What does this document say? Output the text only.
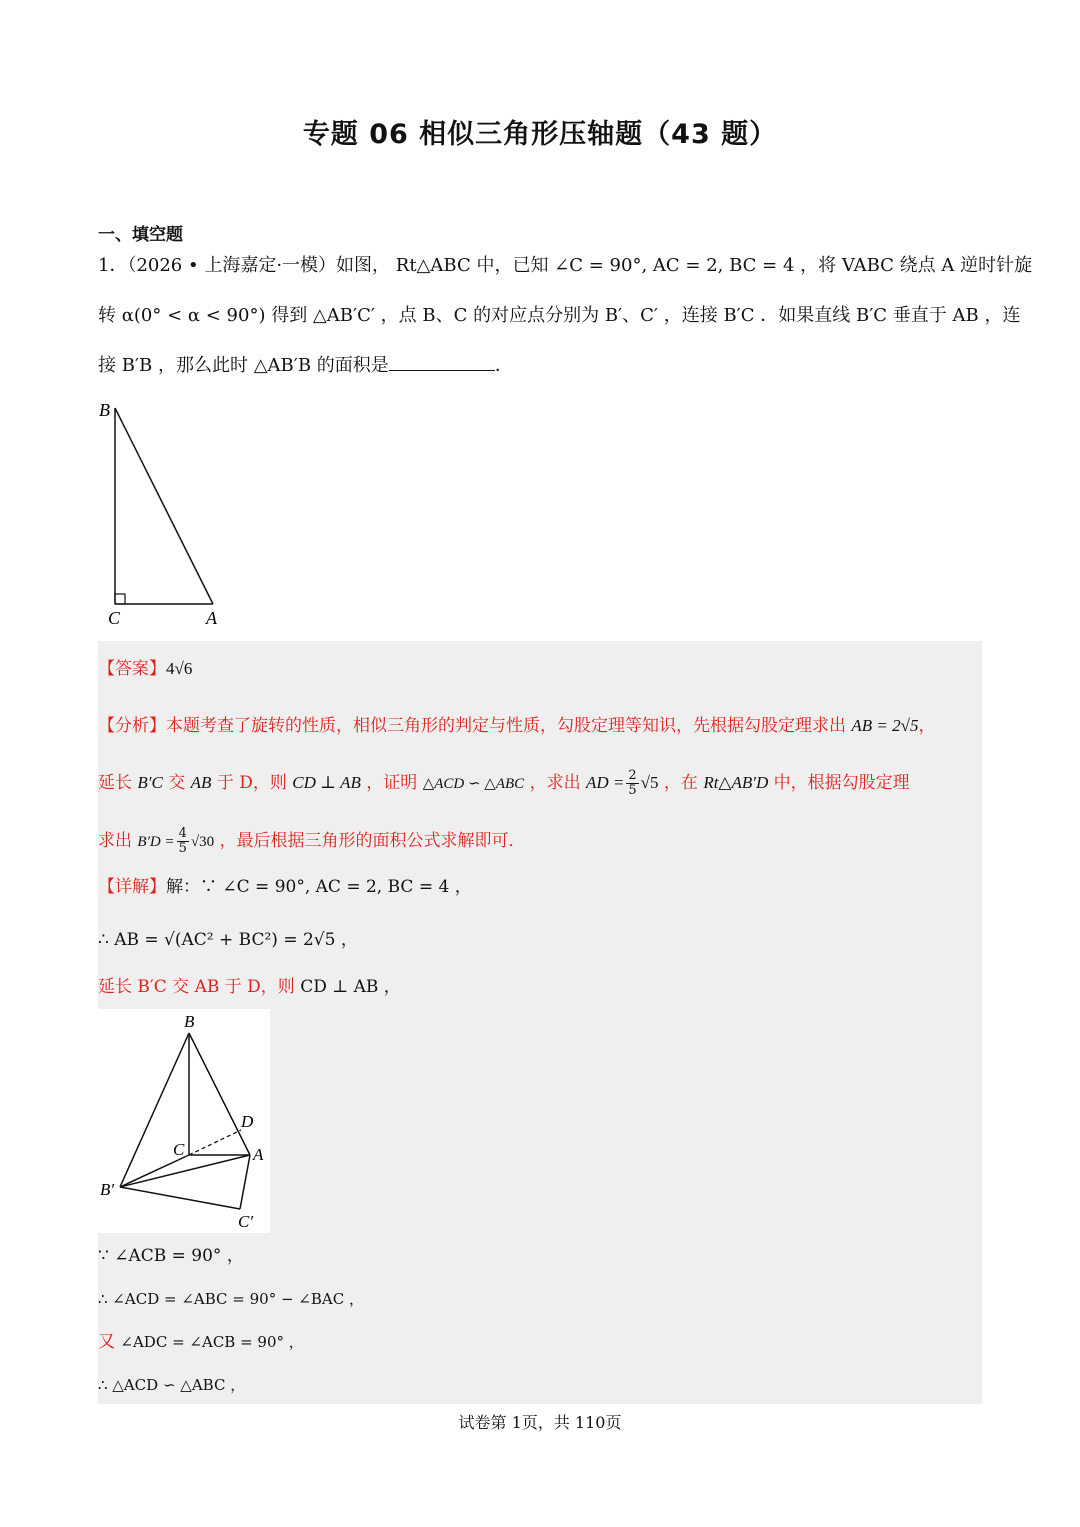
专题 06 相似三角形压轴题（43 题）
一、填空题
1．（2026 • 上海嘉定·一模）如图， Rt△ABC 中，已知 ∠C = 90°, AC = 2, BC = 4 ，将 VABC 绕点 A 逆时针旋
转 α(0° < α < 90°) 得到 △AB′C′ ，点 B、C 的对应点分别为 B′、C′ ，连接 B′C ．如果直线 B′C 垂直于 AB ，连
接 B′B ，那么此时 △AB′B 的面积是	．
B
C	A
【答案】4√6
【分析】本题考查了旋转的性质，相似三角形的判定与性质，勾股定理等知识，先根据勾股定理求出 AB = 2√5，
延长 B′C 交 AB 于 D，则 CD ⊥ AB ，证明 △ACD ∽ △ABC ，求出 AD = $\frac{2}{5} √5$ ，在 Rt△AB′D 中，根据勾股定理
求出 $B'D = \frac{4}{5} √30$ ，最后根据三角形的面积公式求解即可．
【详解】解：∵ ∠C = 90°, AC = 2, BC = 4 ，
∴ AB = √(AC² + BC²) = 2√5 ，
延长 B′C 交 AB 于 D，则 CD ⊥ AB ，
∵ ∠ACB = 90° ，
∴ ∠ACD = ∠ABC = 90° − ∠BAC ，
又 ∠ADC = ∠ACB = 90° ，
∴ △ACD ∽ △ABC ，
B
D
C	A
B′
C′
试卷第 1页，共 110页
